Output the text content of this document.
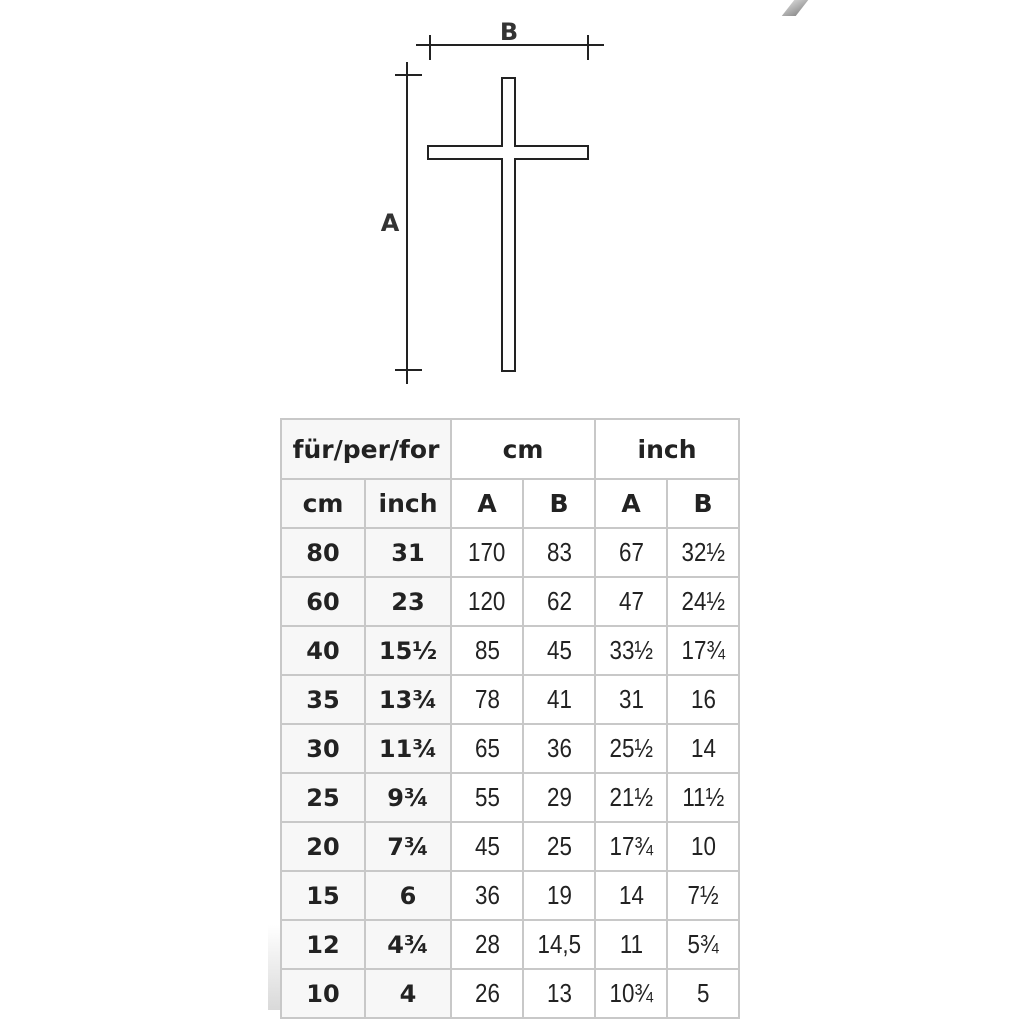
B
A
für/per/for		cm		inch	
cm	inch	A	B	A	B
80	31	170	83	67	32½
60	23	120	62	47	24½
40	15½	85	45	33½	17¾
35	13¾	78	41	31	16
30	11¾	65	36	25½	14
25	9¾	55	29	21½	11½
20	7¾	45	25	17¾	10
15	6	36	19	14	7½
12	4¾	28	14,5	11	5¾
10	4	26	13	10¾	5
